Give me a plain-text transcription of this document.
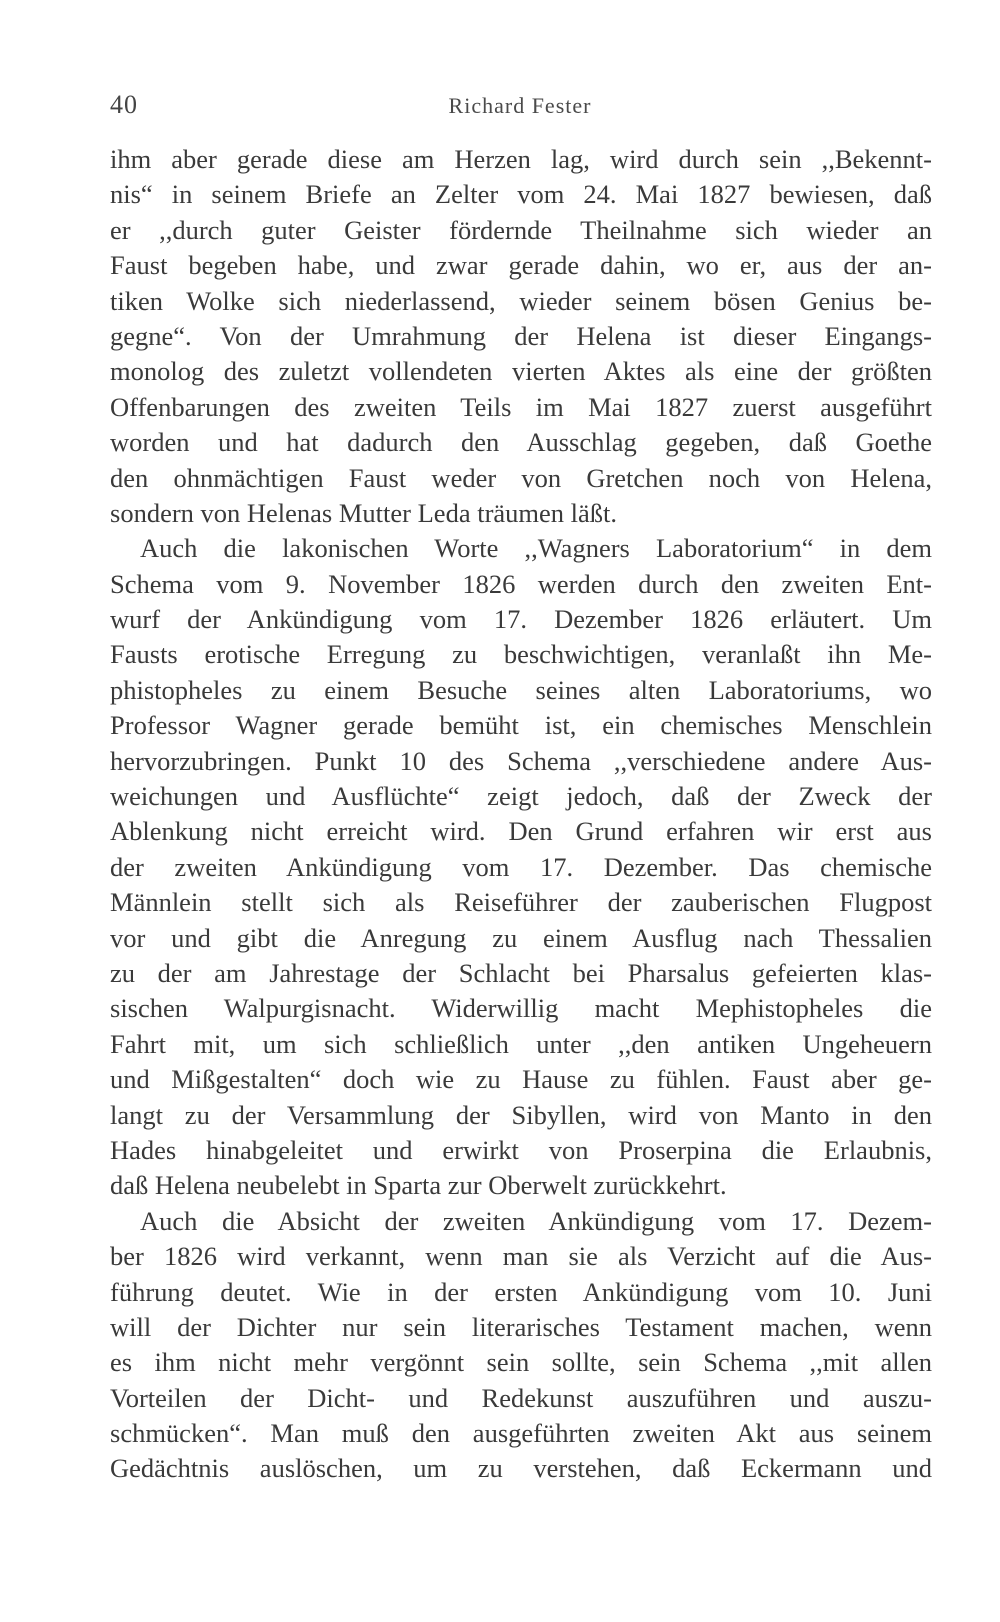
40	Richard Fester
ihm aber gerade diese am Herzen lag, wird durch sein ,,Bekennt-
nis“ in seinem Briefe an Zelter vom 24. Mai 1827 bewiesen, daß
er ,,durch guter Geister fördernde Theilnahme sich wieder an
Faust begeben habe, und zwar gerade dahin, wo er, aus der an-
tiken Wolke sich niederlassend, wieder seinem bösen Genius be-
gegne“. Von der Umrahmung der Helena ist dieser Eingangs-
monolog des zuletzt vollendeten vierten Aktes als eine der größten
Offenbarungen des zweiten Teils im Mai 1827 zuerst ausgeführt
worden und hat dadurch den Ausschlag gegeben, daß Goethe
den ohnmächtigen Faust weder von Gretchen noch von Helena,
sondern von Helenas Mutter Leda träumen läßt.
Auch die lakonischen Worte ,,Wagners Laboratorium“ in dem
Schema vom 9. November 1826 werden durch den zweiten Ent-
wurf der Ankündigung vom 17. Dezember 1826 erläutert. Um
Fausts erotische Erregung zu beschwichtigen, veranlaßt ihn Me-
phistopheles zu einem Besuche seines alten Laboratoriums, wo
Professor Wagner gerade bemüht ist, ein chemisches Menschlein
hervorzubringen. Punkt 10 des Schema ,,verschiedene andere Aus-
weichungen und Ausflüchte“ zeigt jedoch, daß der Zweck der
Ablenkung nicht erreicht wird. Den Grund erfahren wir erst aus
der zweiten Ankündigung vom 17. Dezember. Das chemische
Männlein stellt sich als Reiseführer der zauberischen Flugpost
vor und gibt die Anregung zu einem Ausflug nach Thessalien
zu der am Jahrestage der Schlacht bei Pharsalus gefeierten klas-
sischen Walpurgisnacht. Widerwillig macht Mephistopheles die
Fahrt mit, um sich schließlich unter ,,den antiken Ungeheuern
und Mißgestalten“ doch wie zu Hause zu fühlen. Faust aber ge-
langt zu der Versammlung der Sibyllen, wird von Manto in den
Hades hinabgeleitet und erwirkt von Proserpina die Erlaubnis,
daß Helena neubelebt in Sparta zur Oberwelt zurückkehrt.
Auch die Absicht der zweiten Ankündigung vom 17. Dezem-
ber 1826 wird verkannt, wenn man sie als Verzicht auf die Aus-
führung deutet. Wie in der ersten Ankündigung vom 10. Juni
will der Dichter nur sein literarisches Testament machen, wenn
es ihm nicht mehr vergönnt sein sollte, sein Schema ,,mit allen
Vorteilen der Dicht- und Redekunst auszuführen und auszu-
schmücken“. Man muß den ausgeführten zweiten Akt aus seinem
Gedächtnis auslöschen, um zu verstehen, daß Eckermann und
